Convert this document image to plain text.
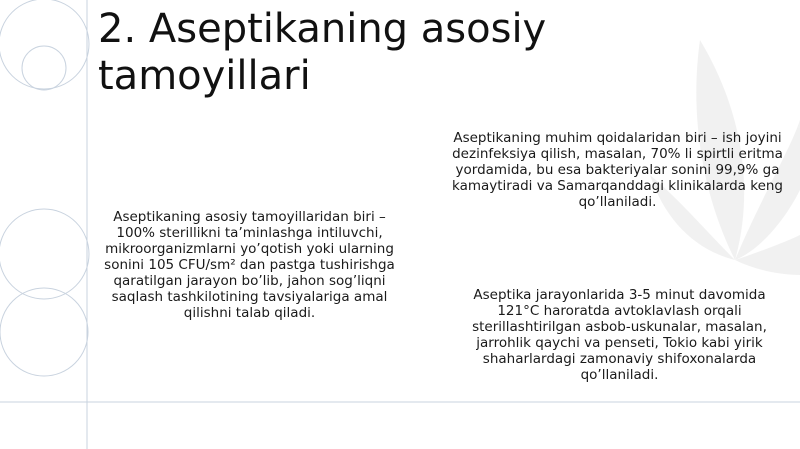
2. Aseptikaning asosiy tamoyillari

Aseptikaning asosiy tamoyillaridan biri – 100% sterillikni ta’minlashga intiluvchi, mikroorganizmlarni yo’qotish yoki ularning sonini 105 CFU/sm² dan pastga tushirishga qaratilgan jarayon bo’lib, jahon sog’liqni saqlash tashkilotining tavsiyalariga amal qilishni talab qiladi.

Aseptikaning muhim qoidalaridan biri – ish joyini dezinfeksiya qilish, masalan, 70% li spirtli eritma yordamida, bu esa bakteriyalar sonini 99,9% ga kamaytiradi va Samarqanddagi klinikalarda keng qo’llaniladi.

Aseptika jarayonlarida 3-5 minut davomida 121°C haroratda avtoklavlash orqali sterillashtirilgan asbob-uskunalar, masalan, jarrohlik qaychi va penseti, Tokio kabi yirik shaharlardagi zamonaviy shifoxonalarda qo’llaniladi.
